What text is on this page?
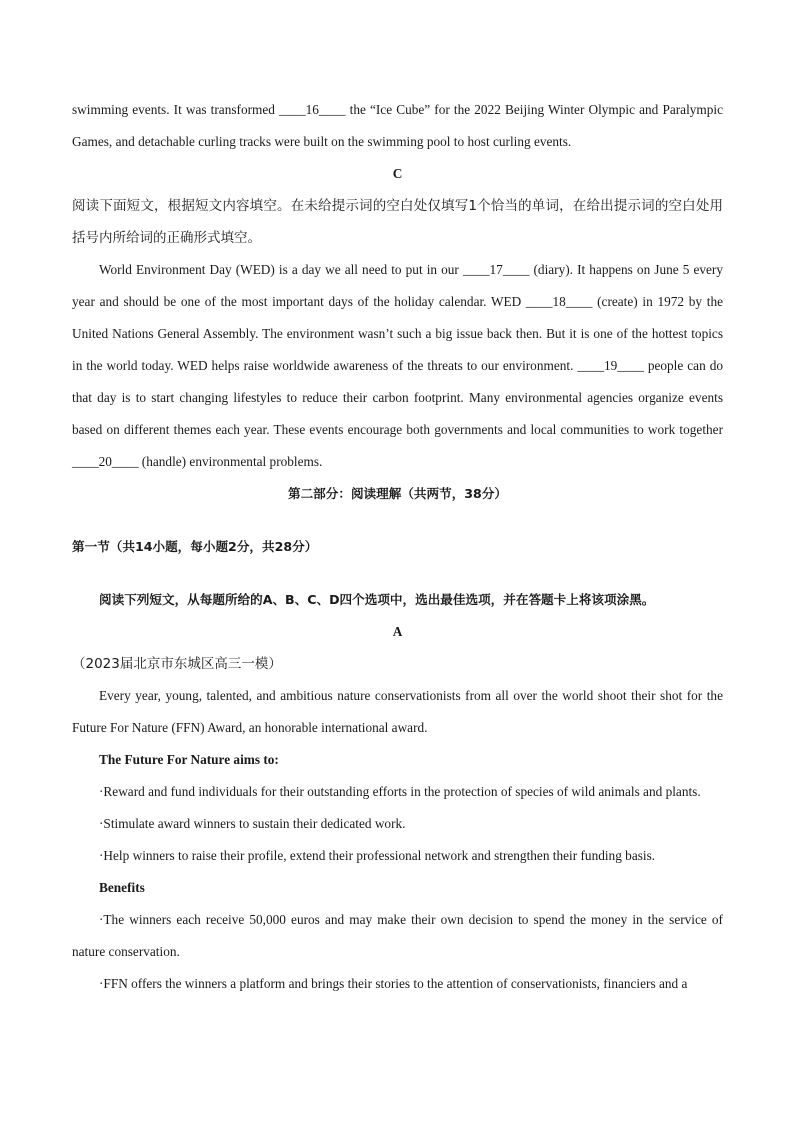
swimming events. It was transformed ____16____ the “Ice Cube” for the 2022 Beijing Winter Olympic and Paralympic Games, and detachable curling tracks were built on the swimming pool to host curling events.

C

阅读下面短文，根据短文内容填空。在未给提示词的空白处仅填写1个恰当的单词，在给出提示词的空白处用括号内所给词的正确形式填空。

World Environment Day (WED) is a day we all need to put in our ____17____ (diary). It happens on June 5 every year and should be one of the most important days of the holiday calendar. WED ____18____ (create) in 1972 by the United Nations General Assembly. The environment wasn’t such a big issue back then. But it is one of the hottest topics in the world today. WED helps raise worldwide awareness of the threats to our environment. ____19____ people can do that day is to start changing lifestyles to reduce their carbon footprint. Many environmental agencies organize events based on different themes each year. These events encourage both governments and local communities to work together ____20____ (handle) environmental problems.

第二部分：阅读理解（共两节，38分）

第一节（共14小题，每小题2分，共28分）

阅读下列短文，从每题所给的A、B、C、D四个选项中，选出最佳选项，并在答题卡上将该项涂黑。

A

（2023届北京市东城区高三一模）

Every year, young, talented, and ambitious nature conservationists from all over the world shoot their shot for the Future For Nature (FFN) Award, an honorable international award.

The Future For Nature aims to:

·Reward and fund individuals for their outstanding efforts in the protection of species of wild animals and plants.

·Stimulate award winners to sustain their dedicated work.

·Help winners to raise their profile, extend their professional network and strengthen their funding basis.

Benefits

·The winners each receive 50,000 euros and may make their own decision to spend the money in the service of nature conservation.

·FFN offers the winners a platform and brings their stories to the attention of conservationists, financiers and a
